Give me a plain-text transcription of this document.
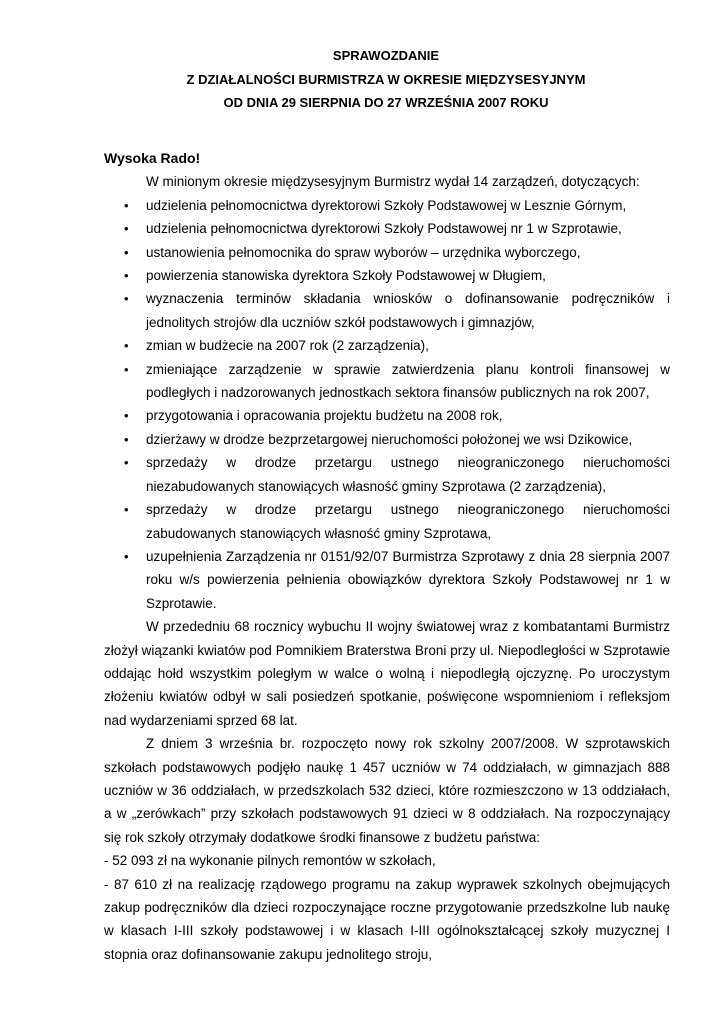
SPRAWOZDANIE
Z DZIAŁALNOŚCI BURMISTRZA W OKRESIE MIĘDZYSESYJNYM
OD DNIA 29 SIERPNIA DO 27 WRZEŚNIA 2007 ROKU
Wysoka Rado!

W minionym okresie międzysesyjnym Burmistrz wydał 14 zarządzeń, dotyczących:

• udzielenia pełnomocnictwa dyrektorowi Szkoły Podstawowej w Lesznie Górnym,
• udzielenia pełnomocnictwa dyrektorowi Szkoły Podstawowej nr 1 w Szprotawie,
• ustanowienia pełnomocnika do spraw wyborów – urzędnika wyborczego,
• powierzenia stanowiska dyrektora Szkoły Podstawowej w Długiem,
• wyznaczenia terminów składania wniosków o dofinansowanie podręczników i jednolitych strojów dla uczniów szkół podstawowych i gimnazjów,
• zmian w budżecie na 2007 rok (2 zarządzenia),
• zmieniające zarządzenie w sprawie zatwierdzenia planu kontroli finansowej w podległych i nadzorowanych jednostkach sektora finansów publicznych na rok 2007,
• przygotowania i opracowania projektu budżetu na 2008 rok,
• dzierżawy w drodze bezprzetargowej nieruchomości położonej we wsi Dzikowice,
• sprzedaży w drodze przetargu ustnego nieograniczonego nieruchomości niezabudowanych stanowiących własność gminy Szprotawa (2 zarządzenia),
• sprzedaży w drodze przetargu ustnego nieograniczonego nieruchomości zabudowanych stanowiących własność gminy Szprotawa,
• uzupełnienia Zarządzenia nr 0151/92/07 Burmistrza Szprotawy z dnia 28 sierpnia 2007 roku w/s powierzenia pełnienia obowiązków dyrektora Szkoły Podstawowej nr 1 w Szprotawie.

W przededniu 68 rocznicy wybuchu II wojny światowej wraz z kombatantami Burmistrz złożył wiązanki kwiatów pod Pomnikiem Braterstwa Broni przy ul. Niepodległości w Szprotawie oddając hołd wszystkim poległym w walce o wolną i niepodległą ojczyznę. Po uroczystym złożeniu kwiatów odbył w sali posiedzeń spotkanie, poświęcone wspomnieniom i refleksjom nad wydarzeniami sprzed 68 lat.

Z dniem 3 września br. rozpoczęto nowy rok szkolny 2007/2008. W szprotawskich szkołach podstawowych podjęło naukę 1 457 uczniów w 74 oddziałach, w gimnazjach 888 uczniów w 36 oddziałach, w przedszkolach 532 dzieci, które rozmieszczono w 13 oddziałach, a w „zerówkach” przy szkołach podstawowych 91 dzieci w 8 oddziałach. Na rozpoczynający się rok szkoły otrzymały dodatkowe środki finansowe z budżetu państwa:

- 52 093 zł na wykonanie pilnych remontów w szkołach,

- 87 610 zł na realizację rządowego programu na zakup wyprawek szkolnych obejmujących zakup podręczników dla dzieci rozpoczynające roczne przygotowanie przedszkolne lub naukę w klasach I-III szkoły podstawowej i w klasach I-III ogólnokształcącej szkoły muzycznej I stopnia oraz dofinansowanie zakupu jednolitego stroju,
